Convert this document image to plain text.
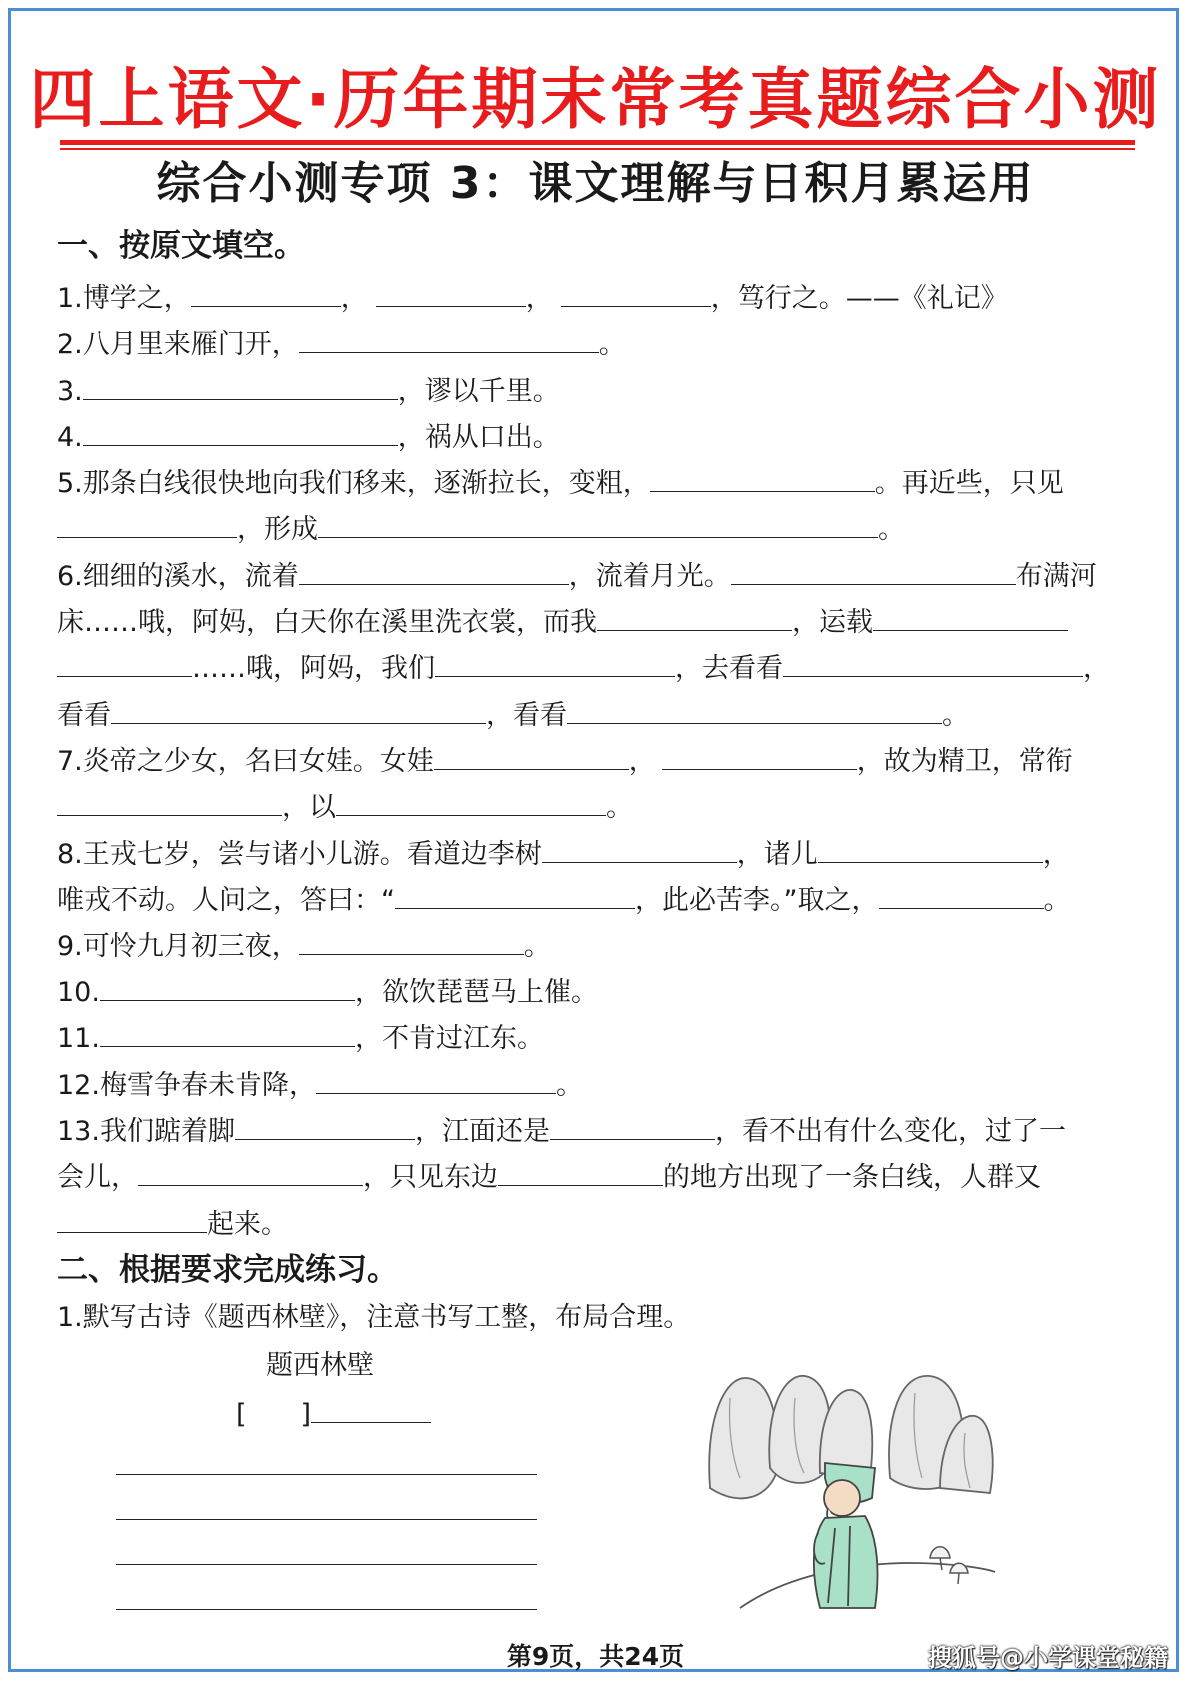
四上语文·历年期末常考真题综合小测
综合小测专项 3：课文理解与日积月累运用
一、按原文填空。
1.博学之，	，	，	，笃行之。——《礼记》
2.八月里来雁门开，	。
3.	，谬以千里。
4.	，祸从口出。
5.那条白线很快地向我们移来，逐渐拉长，变粗，	。再近些，只见
，形成	。
6.细细的溪水，流着	，流着月光。	布满河
床……哦，阿妈，白天你在溪里洗衣裳，而我	，运载
……哦，阿妈，我们	，去看看	，
看看	，看看	。
7.炎帝之少女，名曰女娃。女娃	，	，故为精卫，常衔
，以	。
8.王戎七岁，尝与诸小儿游。看道边李树	，诸儿	，
唯戎不动。人问之，答曰：“	，此必苦李。”取之，	。
9.可怜九月初三夜，	。
10.	，欲饮琵琶马上催。
11.	，不肯过江东。
12.梅雪争春未肯降，	。
13.我们踮着脚	，江面还是	，看不出有什么变化，过了一
会儿，	，只见东边	的地方出现了一条白线，人群又
起来。
二、根据要求完成练习。
1.默写古诗《题西林壁》，注意书写工整，布局合理。
题西林壁
[　　]
第9页，共24页	搜狐号@小学课堂秘籍
